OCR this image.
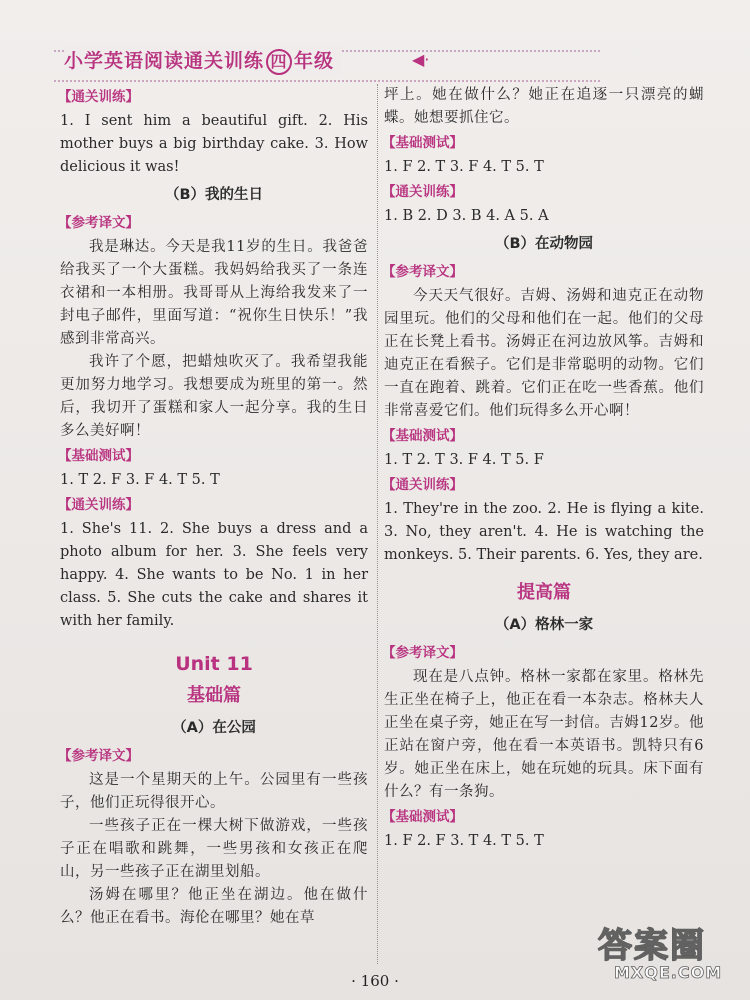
小学英语阅读通关训练 四 年级	◀·
【 通关训练 】

1. I sent him a beautiful gift. 2. His mother buys a big birthday cake. 3. How delicious it was!

（B）我的生日
【 参考译文 】

我是琳达。今天是我11岁的生日。我爸爸给我买了一个大蛋糕。我妈妈给我买了一条连衣裙和一本相册。我哥哥从上海给我发来了一封电子邮件，里面写道：“祝你生日快乐！”我感到非常高兴。

我许了个愿，把蜡烛吹灭了。我希望我能更加努力地学习。我想要成为班里的第一。然后，我切开了蛋糕和家人一起分享。我的生日多么美好啊！

【 基础测试 】

1. T 2. F 3. F 4. T 5. T

【 通关训练 】

1. She's 11. 2. She buys a dress and a photo album for her. 3. She feels very happy. 4. She wants to be No. 1 in her class. 5. She cuts the cake and shares it with her family.

Unit 11
基础篇
（A）在公园
【 参考译文 】

这是一个星期天的上午。公园里有一些孩子，他们正玩得很开心。

一些孩子正在一棵大树下做游戏，一些孩子正在唱歌和跳舞，一些男孩和女孩正在爬山，另一些孩子正在湖里划船。

汤姆在哪里？他正坐在湖边。他在做什么？他正在看书。海伦在哪里？她在草

坪上。她在做什么？她正在追逐一只漂亮的蝴蝶。她想要抓住它。

【 基础测试 】

1. F 2. T 3. F 4. T 5. T

【 通关训练 】

1. B 2. D 3. B 4. A 5. A

（B）在动物园
【 参考译文 】

今天天气很好。吉姆、汤姆和迪克正在动物园里玩。他们的父母和他们在一起。他们的父母正在长凳上看书。汤姆正在河边放风筝。吉姆和迪克正在看猴子。它们是非常聪明的动物。它们一直在跑着、跳着。它们正在吃一些香蕉。他们非常喜爱它们。他们玩得多么开心啊！

【 基础测试 】

1. T 2. T 3. F 4. T 5. F

【 通关训练 】

1. They're in the zoo. 2. He is flying a kite. 3. No, they aren't. 4. He is watching the monkeys. 5. Their parents. 6. Yes, they are.

提高篇
（A）格林一家
【 参考译文 】

现在是八点钟。格林一家都在家里。格林先生正坐在椅子上，他正在看一本杂志。格林夫人正坐在桌子旁，她正在写一封信。吉姆12岁。他正站在窗户旁，他在看一本英语书。凯特只有6岁。她正坐在床上，她在玩她的玩具。床下面有什么？有一条狗。

【 基础测试 】

1. F 2. F 3. T 4. T 5. T

· 160 ·
答案圈
MXQE.COM
